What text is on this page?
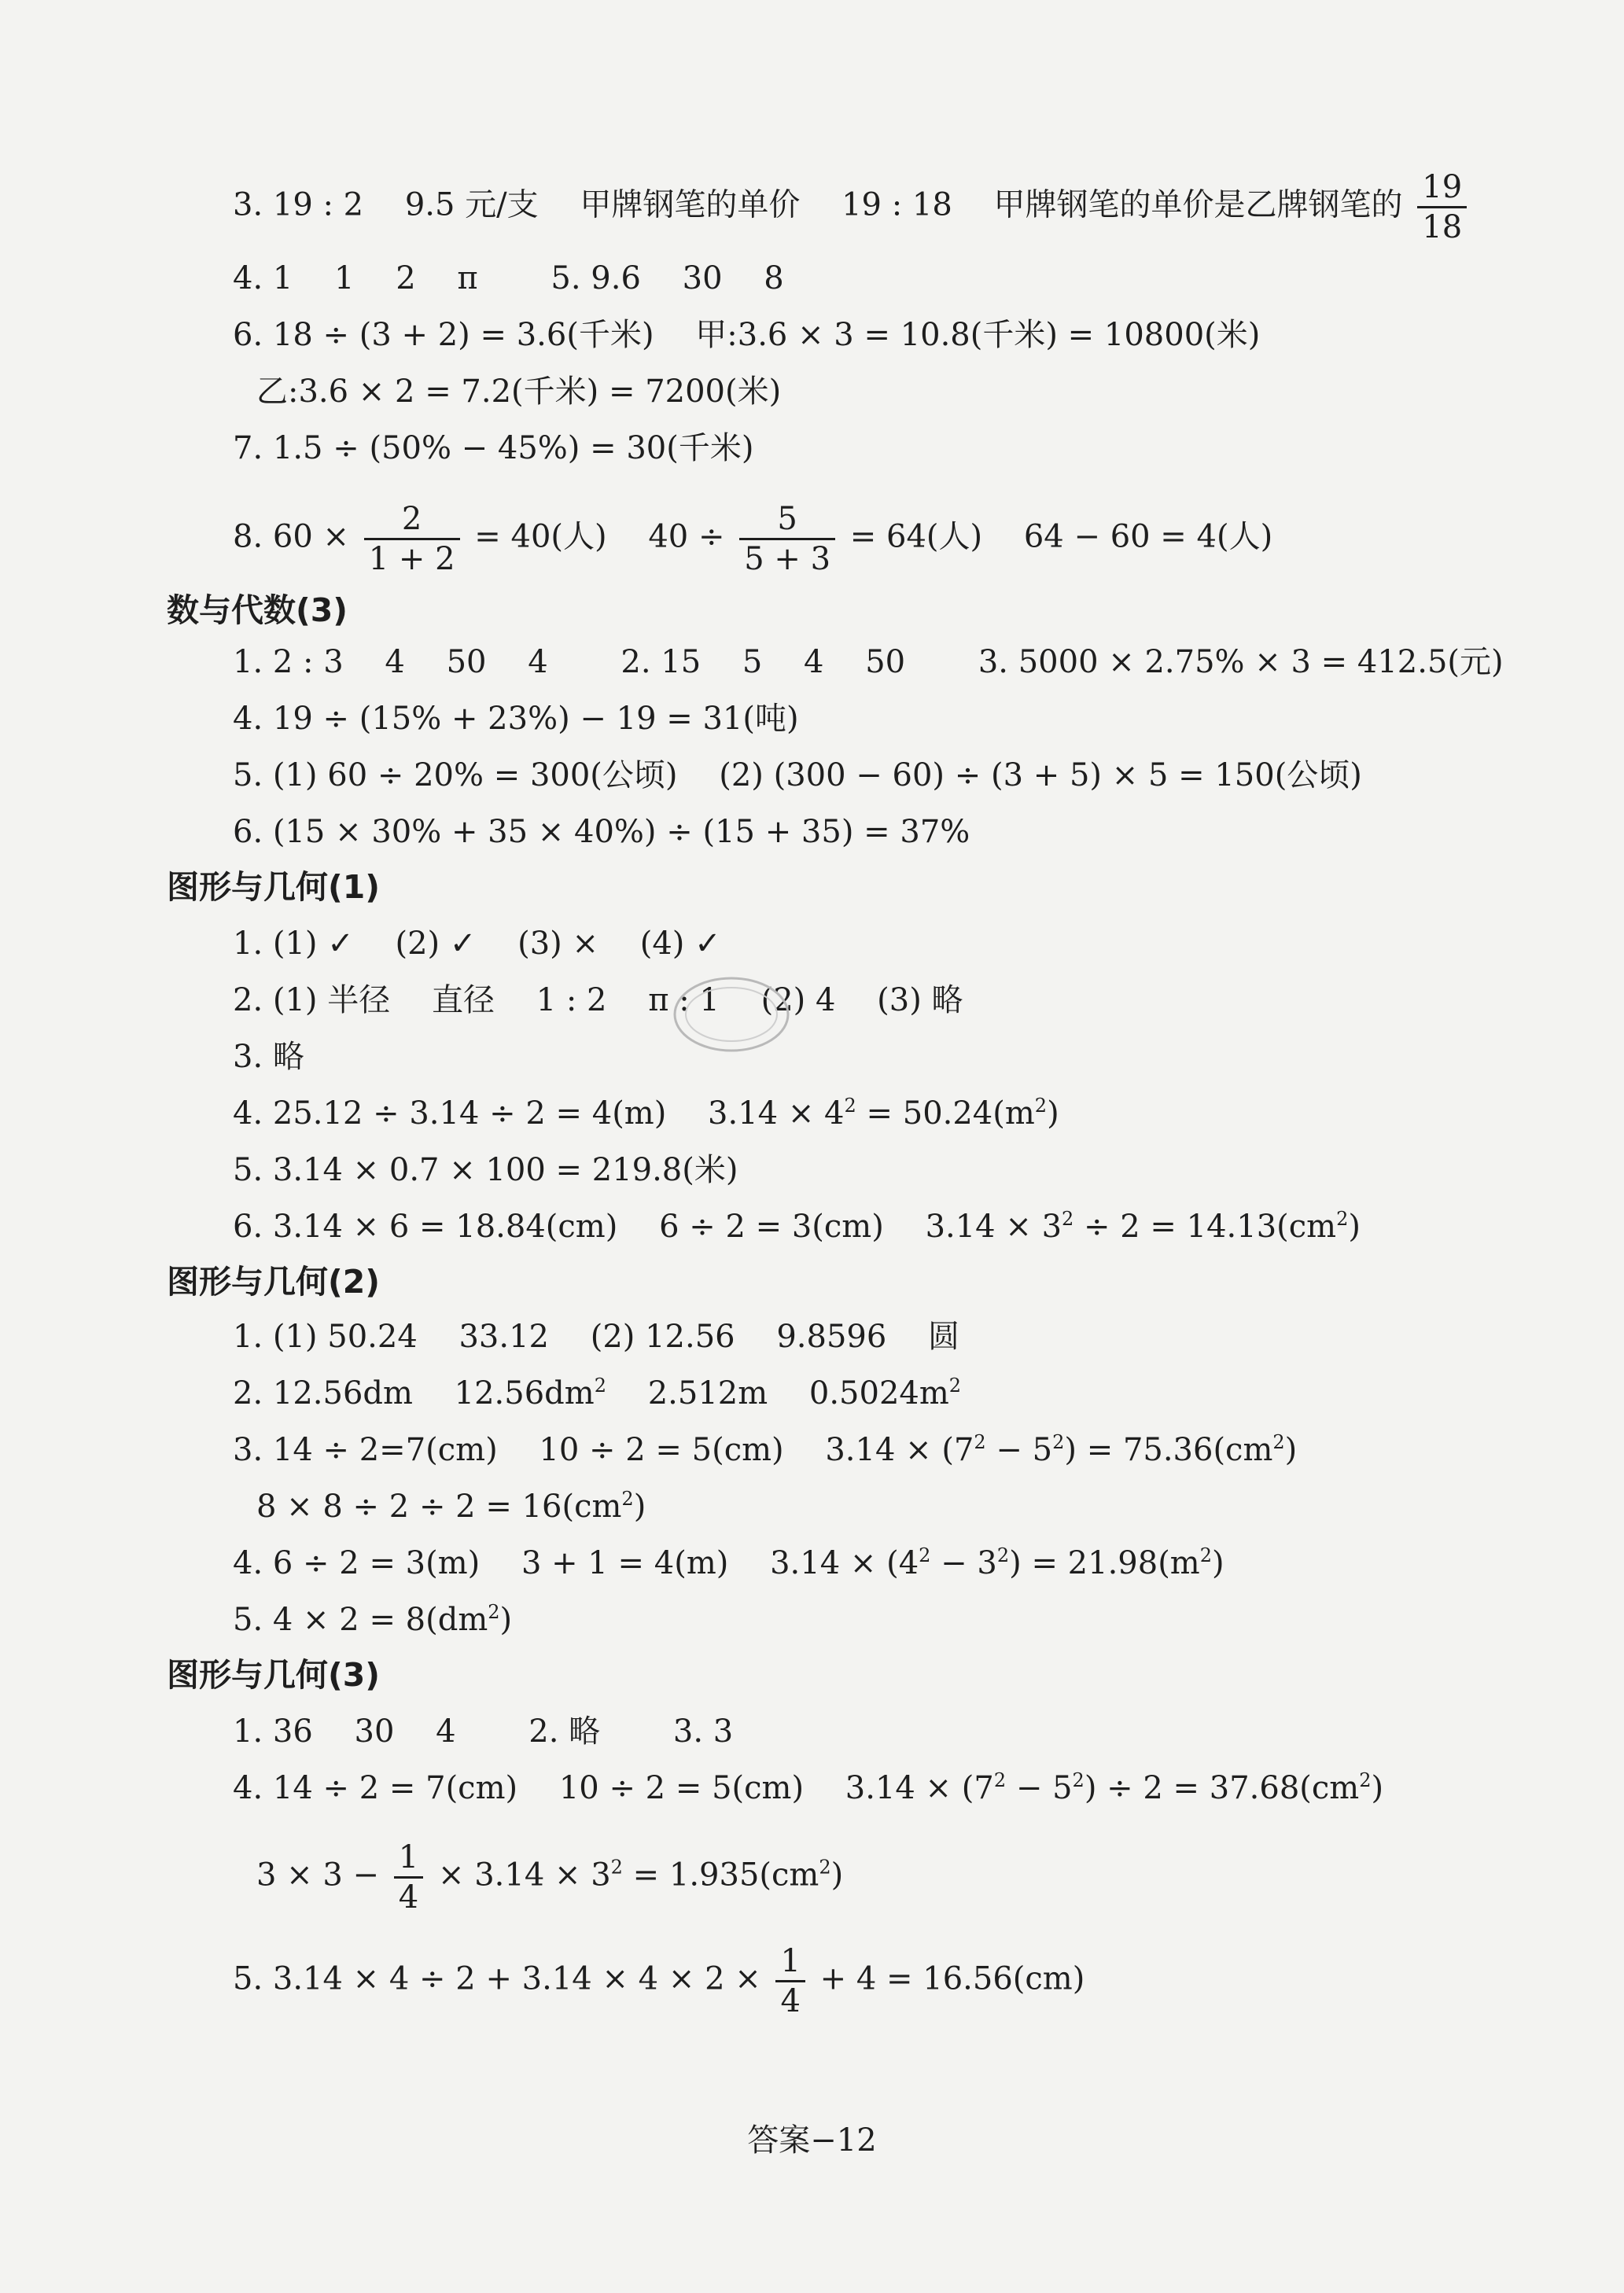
3. 19 : 2 9.5 元/支 甲牌钢笔的单价 19 : 18 甲牌钢笔的单价是乙牌钢笔的 $\frac{19}{18}$
4. 1 1 2 π 5. 9.6 30 8
6. 18 ÷ (3 + 2) = 3.6(千米) 甲:3.6 × 3 = 10.8(千米) = 10800(米)
乙:3.6 × 2 = 7.2(千米) = 7200(米)
7. 1.5 ÷ (50% − 45%) = 30(千米)
8. $60 \times \frac{2}{1 + 2} = 40$(人) $40 \div \frac{5}{5 + 3} = 64$(人) 64 − 60 = 4(人)
数与代数(3)
1. 2 : 3 4 50 4 2. 15 5 4 50 3. 5000 × 2.75% × 3 = 412.5(元)
4. 19 ÷ (15% + 23%) − 19 = 31(吨)
5. (1) 60 ÷ 20% = 300(公顷) (2) (300 − 60) ÷ (3 + 5) × 5 = 150(公顷)
6. (15 × 30% + 35 × 40%) ÷ (15 + 35) = 37%
图形与几何(1)
1. (1) ✓ (2) ✓ (3) × (4) ✓
2. (1) 半径 直径 1 : 2 π : 1 (2) 4 (3) 略
3. 略
4. 25.12 ÷ 3.14 ÷ 2 = 4(m) $3.14 \times 4^2 = 50.24(m^2)$
5. 3.14 × 0.7 × 100 = 219.8(米)
6. 3.14 × 6 = 18.84(cm) 6 ÷ 2 = 3(cm) $3.14 \times 3^2 \div 2 = 14.13(cm^2)$
图形与几何(2)
1. (1) 50.24 33.12 (2) 12.56 9.8596 圆
2. 12.56dm $12.56dm^2$ 2.512m $0.5024m^2$
3. 14 ÷ 2=7(cm) 10 ÷ 2 = 5(cm) $3.14 \times (7^2 - 5^2) = 75.36(cm^2)$
$8 \times 8 \div 2 \div 2 = 16(cm^2)$
4. 6 ÷ 2 = 3(m) 3 + 1 = 4(m) $3.14 \times (4^2 - 3^2) = 21.98(m^2)$
5. $4 \times 2 = 8(dm^2)$
图形与几何(3)
1. 36 30 4 2. 略 3. 3
4. 14 ÷ 2 = 7(cm) 10 ÷ 2 = 5(cm) $3.14 \times (7^2 - 5^2) \div 2 = 37.68(cm^2)$
$3 \times 3 - \frac{1}{4} \times 3.14 \times 3^2 = 1.935(cm^2)$
5. $3.14 \times 4 \div 2 + 3.14 \times 4 \times 2 \times \frac{1}{4} + 4 = 16.56(cm)$
答案−12
